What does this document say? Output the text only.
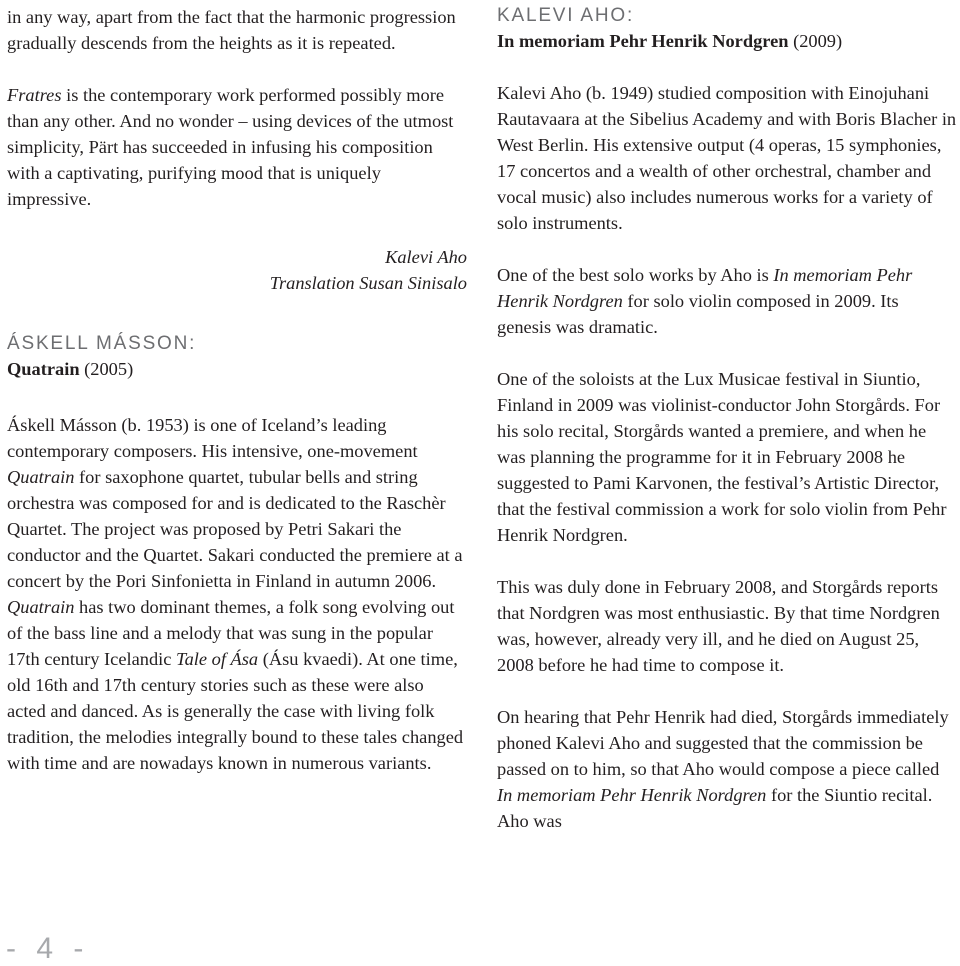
in any way, apart from the fact that the harmonic progression gradually descends from the heights as it is repeated.

Fratres is the contemporary work performed possibly more than any other. And no wonder – using devices of the utmost simplicity, Pärt has succeeded in infusing his composition with a captivating, purifying mood that is uniquely impressive.

Kalevi Aho
Translation Susan Sinisalo
ÁSKELL MÁSSON:

Quatrain (2005)

Áskell Másson (b. 1953) is one of Iceland’s leading contemporary composers. His intensive, one-movement Quatrain for saxophone quartet, tubular bells and string orchestra was composed for and is dedicated to the Raschèr Quartet. The project was proposed by Petri Sakari the conductor and the Quartet. Sakari conducted the premiere at a concert by the Pori Sinfonietta in Finland in autumn 2006. Quatrain has two dominant themes, a folk song evolving out of the bass line and a melody that was sung in the popular 17th century Icelandic Tale of Ása (Ásu kvaedi). At one time, old 16th and 17th century stories such as these were also acted and danced. As is generally the case with living folk tradition, the melodies integrally bound to these tales changed with time and are nowadays known in numerous variants.

KALEVI AHO:

In memoriam Pehr Henrik Nordgren (2009)

Kalevi Aho (b. 1949) studied composition with Einojuhani Rautavaara at the Sibelius Academy and with Boris Blacher in West Berlin. His extensive output (4 operas, 15 symphonies, 17 concertos and a wealth of other orchestral, chamber and vocal music) also includes numerous works for a variety of solo instruments.

One of the best solo works by Aho is In memoriam Pehr Henrik Nordgren for solo violin composed in 2009. Its genesis was dramatic.

One of the soloists at the Lux Musicae festival in Siuntio, Finland in 2009 was violinist-conductor John Storgårds. For his solo recital, Storgårds wanted a premiere, and when he was planning the programme for it in February 2008 he suggested to Pami Karvonen, the festival’s Artistic Director, that the festival commission a work for solo violin from Pehr Henrik Nordgren.

This was duly done in February 2008, and Storgårds reports that Nordgren was most enthusiastic. By that time Nordgren was, however, already very ill, and he died on August 25, 2008 before he had time to compose it.

On hearing that Pehr Henrik had died, Storgårds immediately phoned Kalevi Aho and suggested that the commission be passed on to him, so that Aho would compose a piece called In memoriam Pehr Henrik Nordgren for the Siuntio recital. Aho was

- 4 -
